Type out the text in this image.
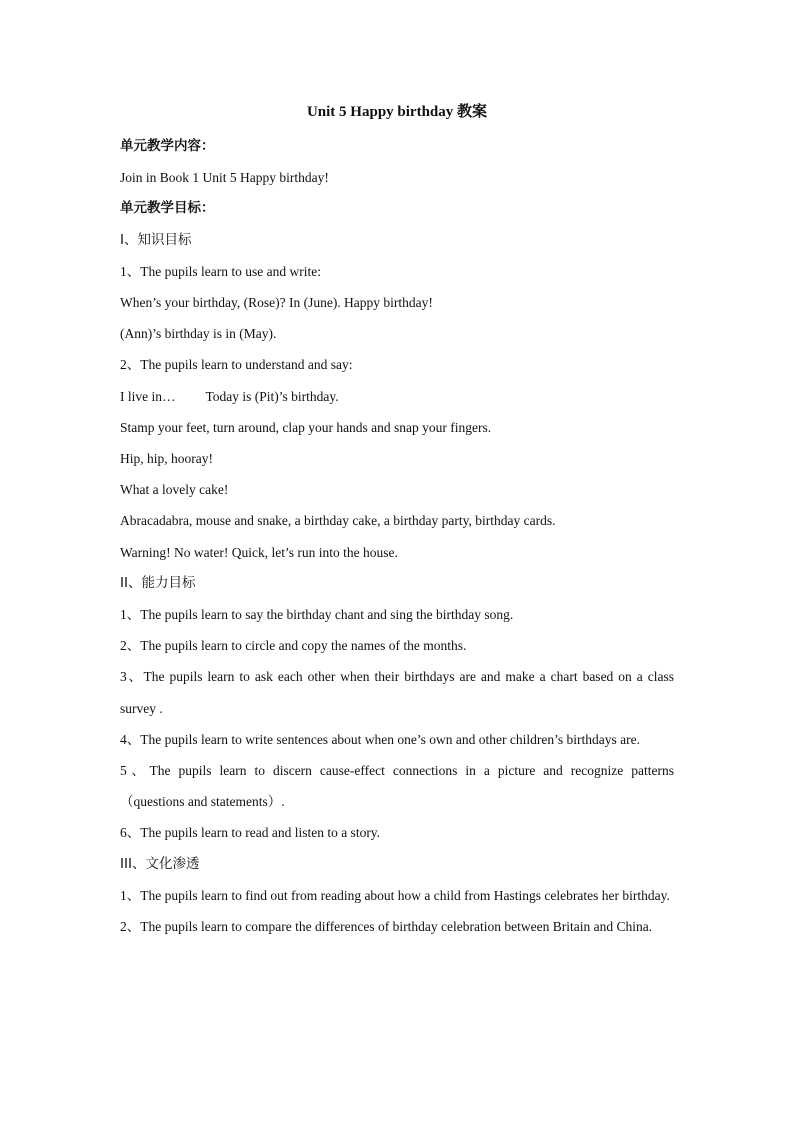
Unit 5 Happy birthday 教案
单元教学内容：
Join in Book 1 Unit 5 Happy birthday!
单元教学目标：
I、知识目标
1、The pupils learn to use and write:
When’s your birthday, (Rose)? In (June). Happy birthday!
(Ann)’s birthday is in (May).
2、The pupils learn to understand and say:
I live in… Today is (Pit)’s birthday.
Stamp your feet, turn around, clap your hands and snap your fingers.
Hip, hip, hooray!
What a lovely cake!
Abracadabra, mouse and snake, a birthday cake, a birthday party, birthday cards.
Warning! No water! Quick, let’s run into the house.
II、能力目标
1、The pupils learn to say the birthday chant and sing the birthday song.
2、The pupils learn to circle and copy the names of the months.
3、The pupils learn to ask each other when their birthdays are and make a chart based on a class survey .
4、The pupils learn to write sentences about when one’s own and other children’s birthdays are.
5、The pupils learn to discern cause-effect connections in a picture and recognize patterns （questions and statements）.
6、The pupils learn to read and listen to a story.
III、文化渗透
1、The pupils learn to find out from reading about how a child from Hastings celebrates her birthday.
2、The pupils learn to compare the differences of birthday celebration between Britain and China.
